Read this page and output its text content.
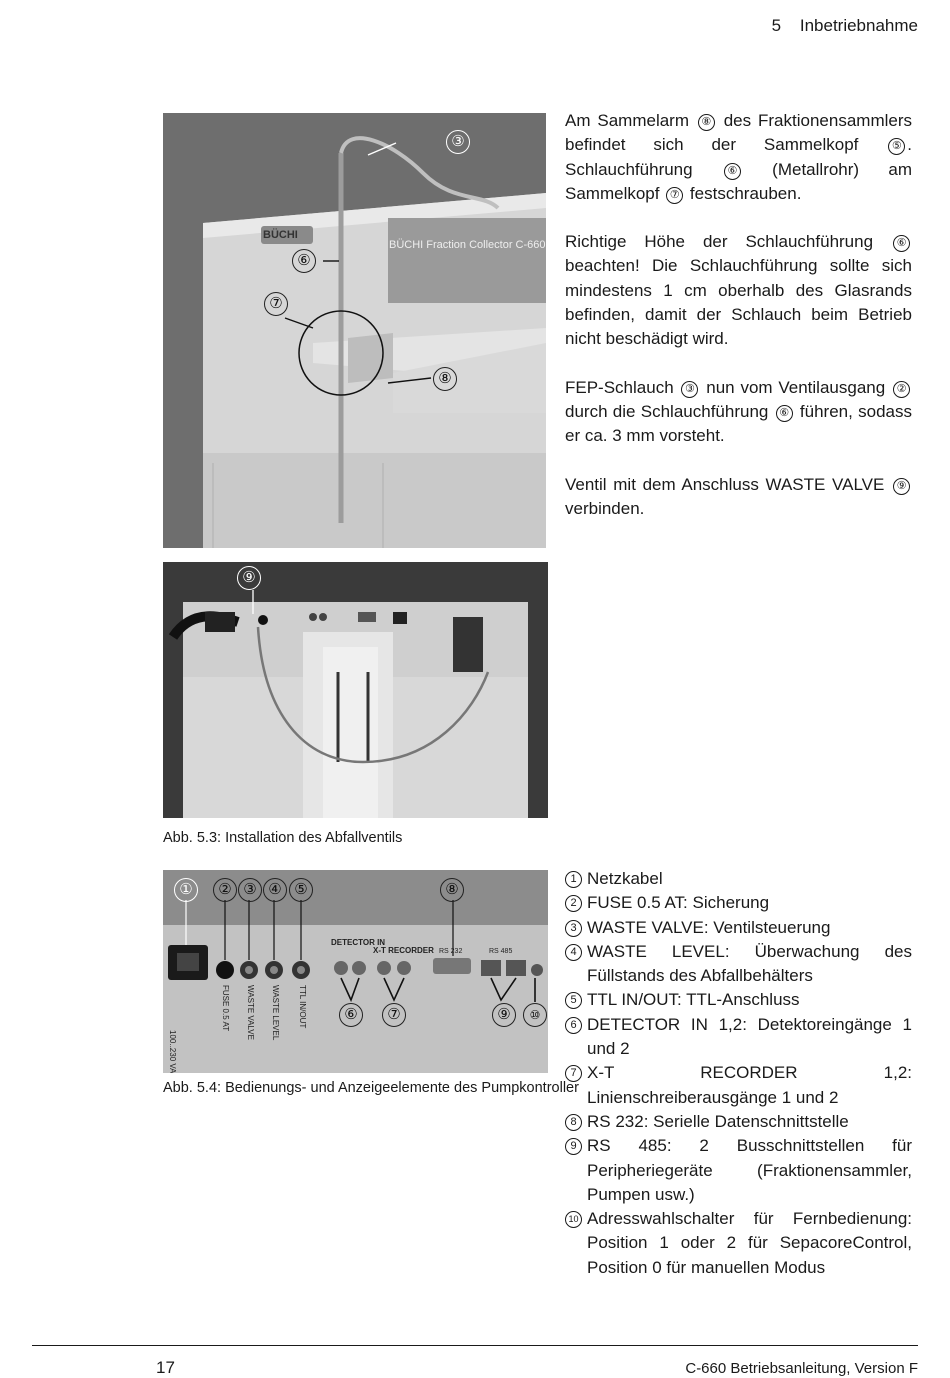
5 Inbetriebnahme
BÜCHI
BÜCHI Fraction Collector C-660
③
⑥
⑦
⑧

Am Sammelarm ⑧ des Fraktionensammlers befindet sich der Sammelkopf ⑤ . Schlauchführung ⑥ (Metallrohr) am Sammelkopf ⑦ festschrauben.

Richtige Höhe der Schlauchführung ⑥ beachten! Die Schlauchführung sollte sich mindestens 1 cm oberhalb des Glasrands befinden, damit der Schlauch beim Betrieb nicht beschädigt wird.

FEP-Schlauch ③ nun vom Ventilausgang ② durch die Schlauchführung ⑥ führen, sodass er ca. 3 mm vorsteht.

Ventil mit dem Anschluss WASTE VALVE ⑨ verbinden.

⑨
Abb. 5.3: Installation des Abfallventils
FUSE 0.5 AT WASTE VALVE WASTE LEVEL TTL IN/OUT
DETECTOR IN
X-T RECORDER RS 232	RS 485
①	② ③ ④ ⑤	⑧
⑥	⑦	⑨	⑩
Abb. 5.4: Bedienungs- und Anzeigeelemente des Pumpkontroller
1 Netzkabel
2 FUSE 0.5 AT: Sicherung
3 WASTE VALVE: Ventilsteuerung
4 WASTE LEVEL: Überwachung des Füllstands des Abfallbehälters
5 TTL IN/OUT: TTL-Anschluss
6 DETECTOR IN 1,2: Detektoreingänge 1 und 2
7 X-T RECORDER 1,2: Linienschreiberausgänge 1 und 2
8 RS 232: Serielle Datenschnittstelle
9 RS 485: 2 Busschnittstellen für Peripheriegeräte (Fraktionensammler, Pumpen usw.)
10 Adresswahlschalter für Fernbedienung: Position 1 oder 2 für SepacoreControl, Position 0 für manuellen Modus
17	C-660 Betriebsanleitung, Version F
